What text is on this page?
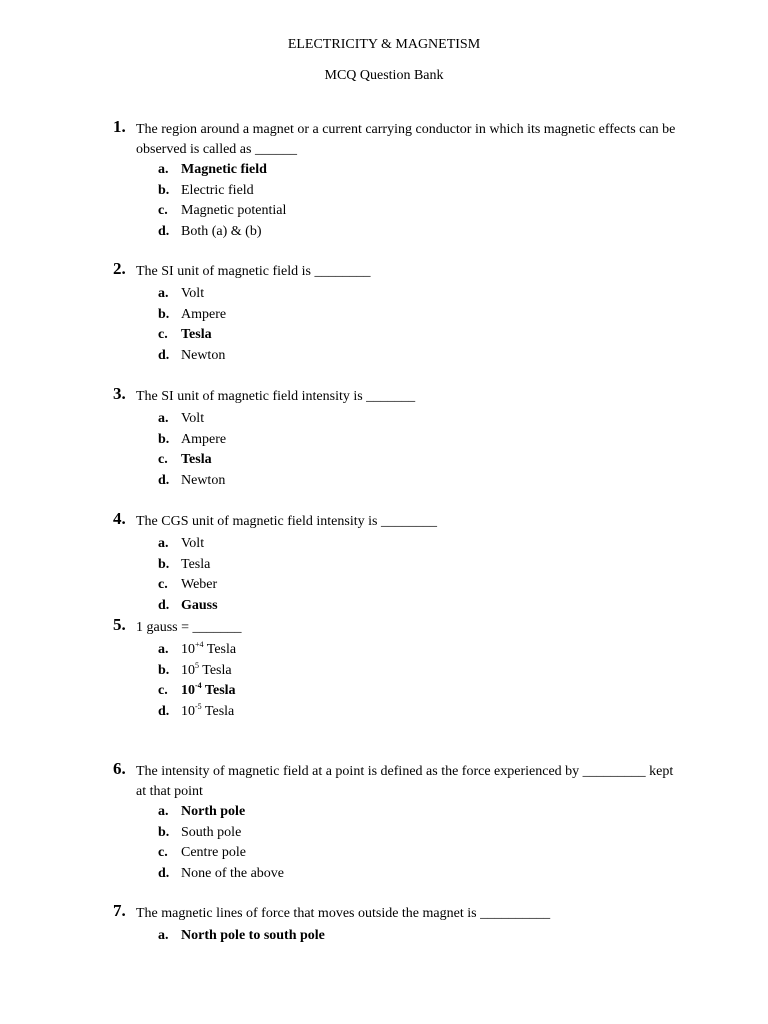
ELECTRICITY & MAGNETISM
MCQ Question Bank
1. The region around a magnet or a current carrying conductor in which its magnetic effects can be observed is called as ______
a. Magnetic field
b. Electric field
c. Magnetic potential
d. Both (a) & (b)
2. The SI unit of magnetic field is ________
a. Volt
b. Ampere
c. Tesla
d. Newton
3. The SI unit of magnetic field intensity is _______
a. Volt
b. Ampere
c. Tesla
d. Newton
4. The CGS unit of magnetic field intensity is ________
a. Volt
b. Tesla
c. Weber
d. Gauss
5. 1 gauss = _______
a. $10^{+4}$ Tesla
b. $10^5$ Tesla
c. $10^{-4}$ Tesla
d. $10^{-5}$ Tesla
6. The intensity of magnetic field at a point is defined as the force experienced by _________ kept at that point
a. North pole
b. South pole
c. Centre pole
d. None of the above
7. The magnetic lines of force that moves outside the magnet is __________
a. North pole to south pole
